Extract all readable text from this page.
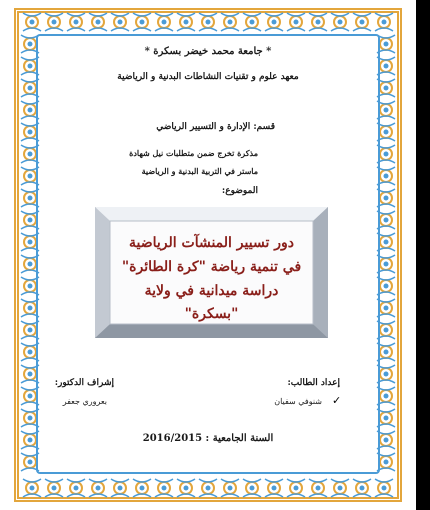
* جامعة محمد خيضر بسكرة *
معهد علوم و تقنيات النشاطات البدنية و الرياضية
قسم: الإدارة و التسيير الرياضي
مذكرة تخرج ضمن متطلبات نيل شهادة
ماستر في التربية البدنية و الرياضية
الموضوع:
دور تسيير المنشآت الرياضية
في تنمية رياضة "كرة الطائرة"
دراسة ميدانية في ولاية
"بسكرة"
إعداد الطالب:
شنوفي سفيان ✓
إشراف الدكتور:
بعروري جعفر
السنة الجامعية : 2016/2015
